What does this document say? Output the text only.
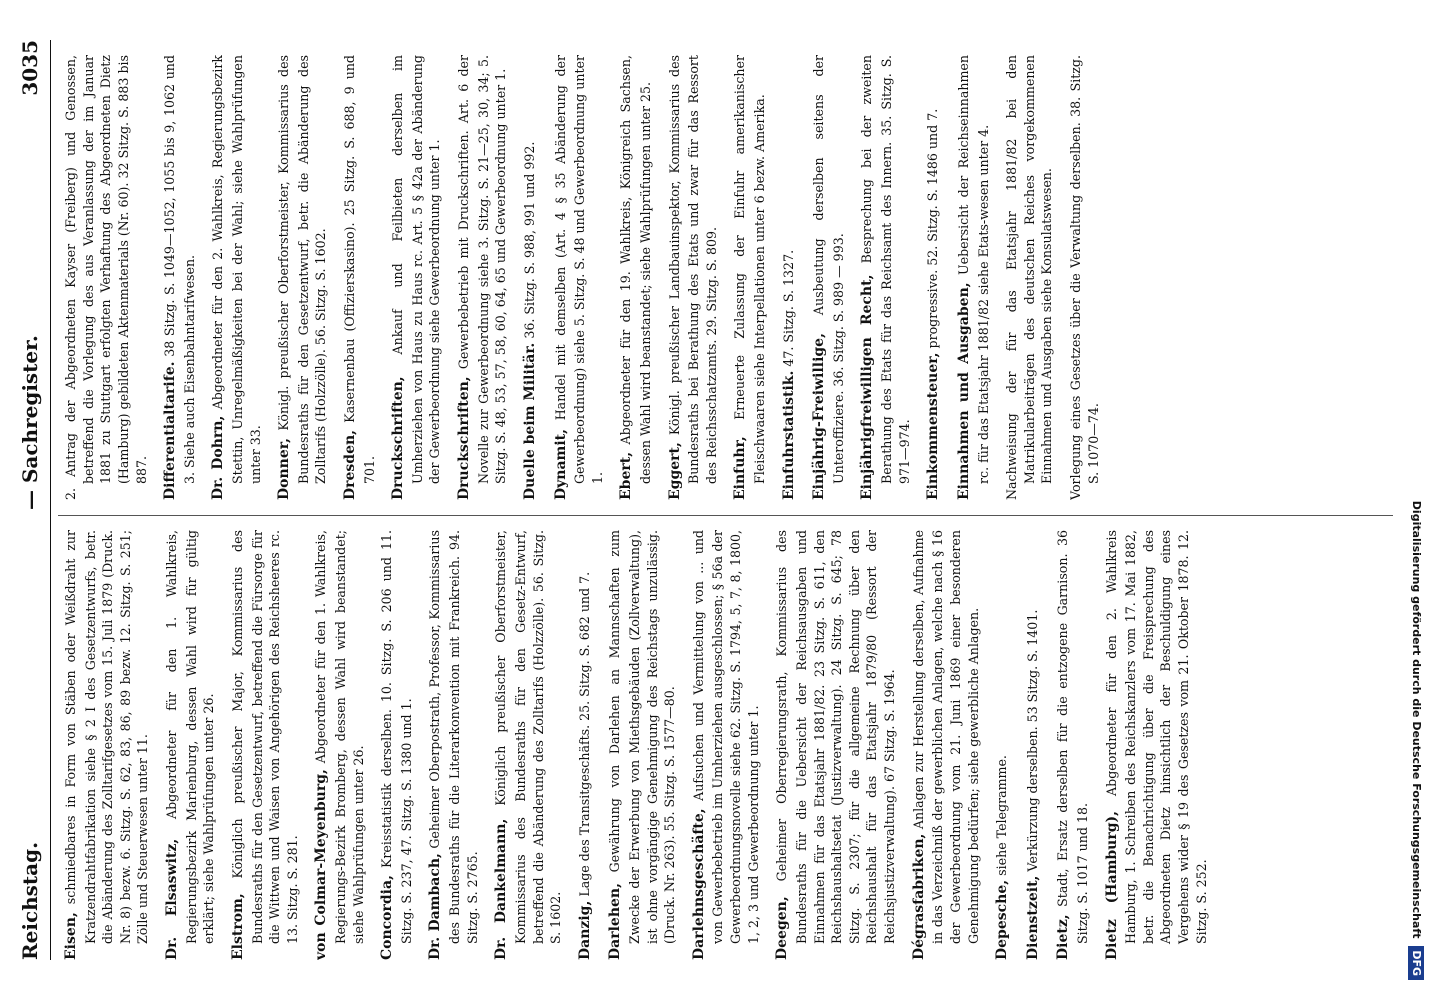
Reichstag.
— Sachregister.
3035

Eisen, schmiedbares in Form von Stäben oder Weißdraht zur Kratzendrahtfabrikation siehe § 2 I des Gesetzentwurfs, betr. die Abänderung des Zolltarifgesetzes vom 15. Juli 1879 (Druck. Nr. 8) bezw. 6. Sitzg. S. 62, 83, 86, 89 bezw. 12. Sitzg. S. 251; Zölle und Steuerwesen unter 11. Dr. Elsaswitz, Abgeordneter für den 1. Wahlkreis, Regierungsbezirk Marienburg, dessen Wahl wird für gültig erklärt; siehe Wahlprüfungen unter 26. Elstrom, Königlich preußischer Major, Kommissarius des Bundesraths für den Gesetzentwurf, betreffend die Fürsorge für die Wittwen und Waisen von Angehörigen des Reichsheeres rc. 13. Sitzg. S. 281. von Colmar-Meyenburg, Abgeordneter für den 1. Wahlkreis, Regierungs-Bezirk Bromberg, dessen Wahl wird beanstandet; siehe Wahlprüfungen unter 26. Concordia, Kreisstatistik derselben. 10. Sitzg. S. 206 und 11. Sitzg. S. 237, 47. Sitzg. S. 1380 und 1. Dr. Dambach, Geheimer Oberpostrath, Professor, Kommissarius des Bundesraths für die Literarkonvention mit Frankreich. 94. Sitzg. S. 2765. Dr. Dankelmann, Königlich preußischer Oberforstmeister, Kommissarius des Bundesraths für den Gesetz-Entwurf, betreffend die Abänderung des Zolltarifs (Holzzölle). 56. Sitzg. S. 1602. Danzig, Lage des Transitgeschäfts. 25. Sitzg. S. 682 und 7.

Darlehen, Gewährung von Darlehen an Mannschaften zum Zwecke der Erwerbung von Miethsgebäuden (Zollverwaltung), ist ohne vorgängige Genehmigung des Reichstags unzulässig. (Druck. Nr. 263). 55. Sitzg. S. 1577—80. Darlehnsgeschäfte, Aufsuchen und Vermittelung von ... und von Gewerbebetrieb im Umherziehen ausgeschlossen; § 56a der Gewerbeordnungsnovelle siehe 62. Sitzg. S. 1794, 5, 7, 8, 1800, 1, 2, 3 und Gewerbeordnung unter 1. Deegen, Geheimer Oberregierungsrath, Kommissarius des Bundesraths für die Uebersicht der Reichsausgaben und Einnahmen für das Etatsjahr 1881/82. 23 Sitzg. S. 611, den Reichshaushaltsetat (Justizverwaltung). 24 Sitzg. S. 645; 78 Sitzg. S. 2307; für die allgemeine Rechnung über den Reichshaushalt für das Etatsjahr 1879/80 (Ressort der Reichsjustizverwaltung). 67 Sitzg. S. 1964. Dégrasfabriken, Anlagen zur Herstellung derselben, Aufnahme in das Verzeichniß der gewerblichen Anlagen, welche nach § 16 der Gewerbeordnung vom 21. Juni 1869 einer besonderen Genehmigung bedürfen; siehe gewerbliche Anlagen. Depesche, siehe Telegramme.

Dienstzeit, Verkürzung derselben. 53 Sitzg. S. 1401.

Dietz, Stadt, Ersatz derselben für die entzogene Garnison. 36 Sitzg. S. 1017 und 18. Dietz (Hamburg), Abgeordneter für den 2. Wahlkreis Hamburg, 1. Schreiben des Reichskanzlers vom 17. Mai 1882, betr. die Benachrichtigung über die Freisprechung des Abgeordneten Dietz hinsichtlich der Beschuldigung eines Vergehens wider § 19 des Gesetzes vom 21. Oktober 1878. 12. Sitzg. S. 252.

2. Antrag der Abgeordneten Kayser (Freiberg) und Genossen, betreffend die Vorlegung des aus Veranlassung der im Januar 1881 zu Stuttgart erfolgten Verhaftung des Abgeordneten Dietz (Hamburg) gebildeten Aktenmaterials (Nr. 60). 32 Sitzg. S. 883 bis 887. Differentialtarife. 38 Sitzg. S. 1049—1052, 1055 bis 9, 1062 und 3. Siehe auch Eisenbahntarifwesen. Dr. Dohrn, Abgeordneter für den 2. Wahlkreis, Regierungsbezirk Stettin, Unregelmäßigkeiten bei der Wahl; siehe Wahlprüfungen unter 33. Donner, Königl. preußischer Oberforstmeister, Kommissarius des Bundesraths für den Gesetzentwurf, betr. die Abänderung des Zolltarifs (Holzzölle). 56. Sitzg. S. 1602. Dresden, Kasernenbau (Offizierskasino). 25 Sitzg. S. 688, 9 und 701. Druckschriften, Ankauf und Feilbieten derselben im Umherziehen von Haus zu Haus rc. Art. 5 § 42a der Abänderung der Gewerbeordnung siehe Gewerbeordnung unter 1. Druckschriften, Gewerbebetrieb mit Druckschriften. Art. 6 der Novelle zur Gewerbeordnung siehe 3. Sitzg. S. 21—25, 30, 34; 5. Sitzg. S. 48, 53, 57, 58, 60, 64, 65 und Gewerbeordnung unter 1. Duelle beim Militär. 36. Sitzg. S. 988, 991 und 992.

Dynamit, Handel mit demselben (Art. 4 § 35 Abänderung der Gewerbeordnung) siehe 5. Sitzg. S. 48 und Gewerbeordnung unter 1. Ebert, Abgeordneter für den 19. Wahlkreis, Königreich Sachsen, dessen Wahl wird beanstandet; siehe Wahlprüfungen unter 25. Eggert, Königl. preußischer Landbauinspektor, Kommissarius des Bundesraths bei Berathung des Etats und zwar für das Ressort des Reichsschatzamts. 29. Sitzg. S. 809. Einfuhr, Erneuerte Zulassung der Einfuhr amerikanischer Fleischwaaren siehe Interpellationen unter 6 bezw. Amerika. Einfuhrstatistik. 47. Sitzg. S. 1327.

Einjährig-Freiwillige, Ausbeutung derselben seitens der Unteroffiziere. 36. Sitzg. S. 989 — 993. Einjährigfreiwilligen Recht, Besprechung bei der zweiten Berathung des Etats für das Reichsamt des Innern. 35. Sitzg. S. 971—974. Einkommensteuer, progressive. 52. Sitzg. S. 1486 und 7.

Einnahmen und Ausgaben, Uebersicht der Reichseinnahmen rc. für das Etatsjahr 1881/82 siehe Etats-wesen unter 4. Nachweisung der für das Etatsjahr 1881/82 bei den Matrikularbeiträgen des deutschen Reiches vorgekommenen Einnahmen und Ausgaben siehe Konsulatswesen. Vorlegung eines Gesetzes über die Verwaltung derselben. 38. Sitzg. S. 1070—74.

Digitalisierung gefördert durch die Deutsche Forschungsgemeinschaft DFG
